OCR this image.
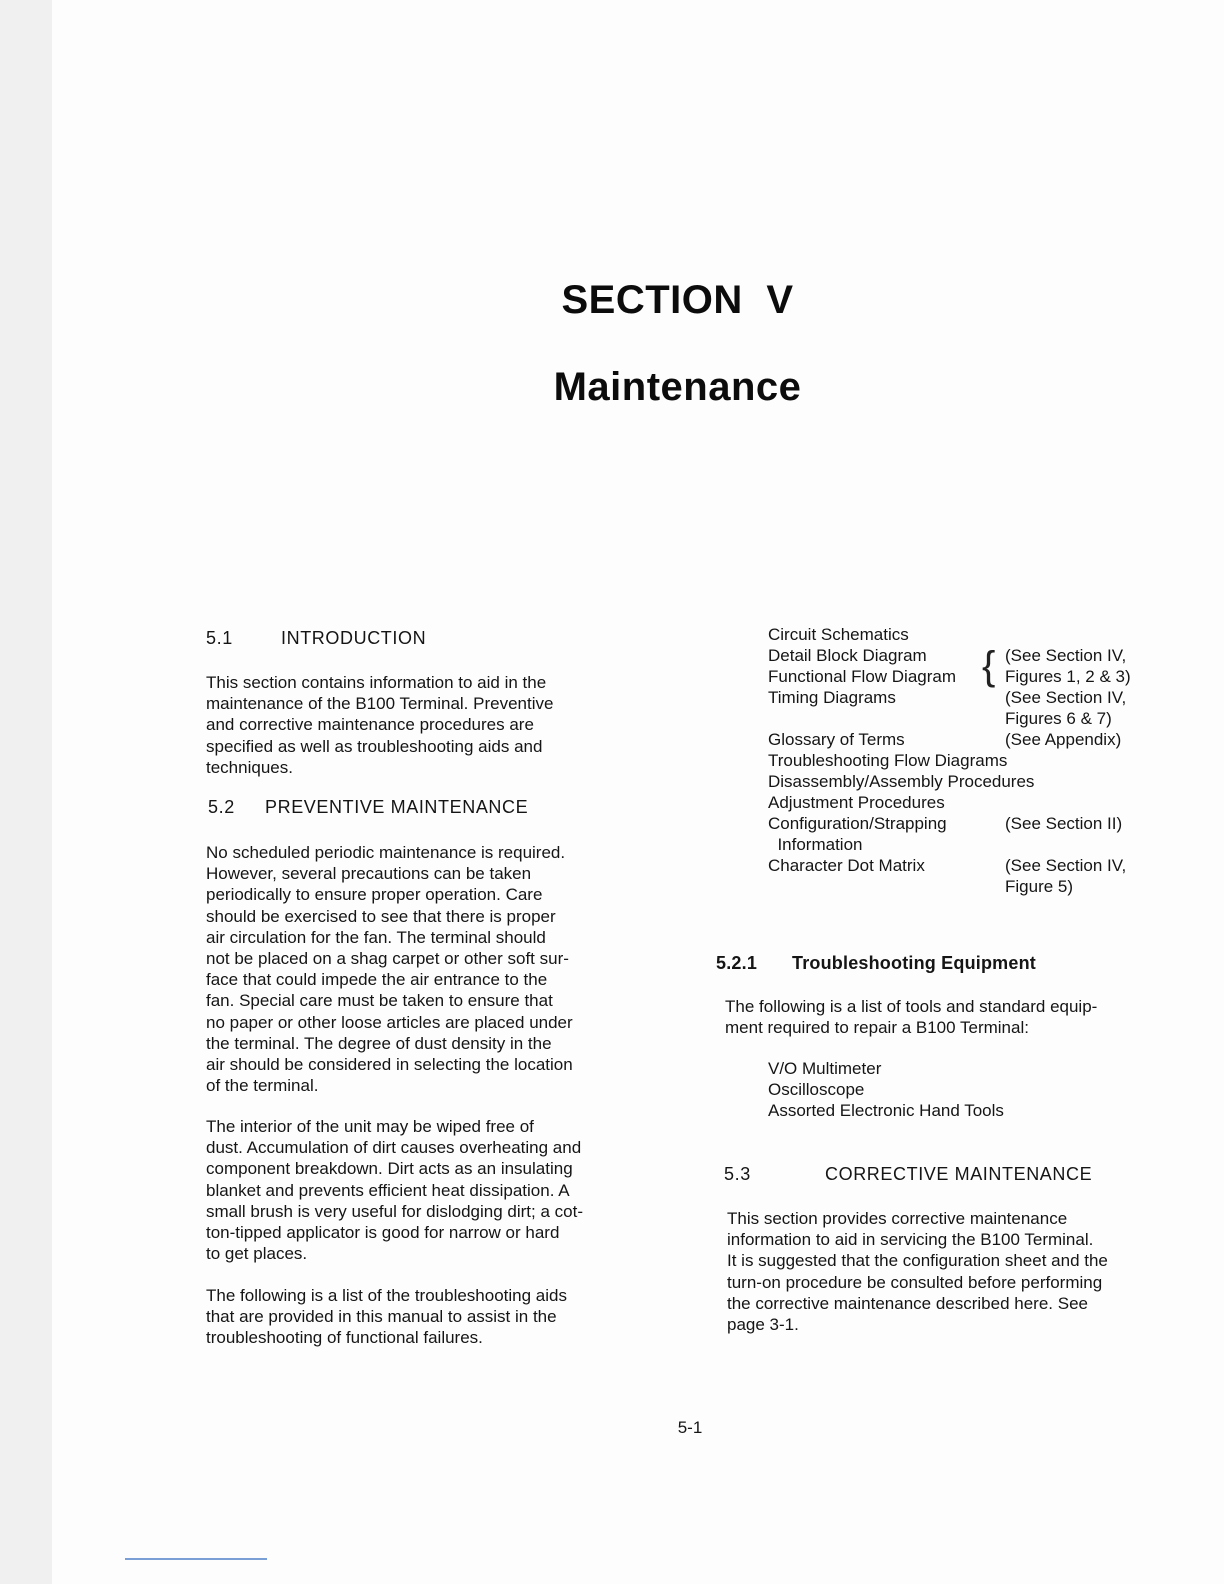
SECTION V
Maintenance
5.1	INTRODUCTION
This section contains information to aid in the
maintenance of the B100 Terminal. Preventive
and corrective maintenance procedures are
specified as well as troubleshooting aids and
techniques.
5.2 PREVENTIVE MAINTENANCE
No scheduled periodic maintenance is required.
However, several precautions can be taken
periodically to ensure proper operation. Care
should be exercised to see that there is proper
air circulation for the fan. The terminal should
not be placed on a shag carpet or other soft sur-
face that could impede the air entrance to the
fan. Special care must be taken to ensure that
no paper or other loose articles are placed under
the terminal. The degree of dust density in the
air should be considered in selecting the location
of the terminal.
The interior of the unit may be wiped free of
dust. Accumulation of dirt causes overheating and
component breakdown. Dirt acts as an insulating
blanket and prevents efficient heat dissipation. A
small brush is very useful for dislodging dirt; a cot-
ton-tipped applicator is good for narrow or hard
to get places.
The following is a list of the troubleshooting aids
that are provided in this manual to assist in the
troubleshooting of functional failures.
{
Circuit Schematics
Detail Block Diagram	(See Section IV,
Functional Flow Diagram	Figures 1, 2 & 3)
Timing Diagrams	(See Section IV,
Figures 6 & 7)
Glossary of Terms	(See Appendix)
Troubleshooting Flow Diagrams
Disassembly/Assembly Procedures
Adjustment Procedures
Configuration/Strapping	(See Section II)
Information
Character Dot Matrix	(See Section IV,
Figure 5)
5.2.1 Troubleshooting Equipment
The following is a list of tools and standard equip-
ment required to repair a B100 Terminal:
V/O Multimeter
Oscilloscope
Assorted Electronic Hand Tools
5.3	CORRECTIVE MAINTENANCE
This section provides corrective maintenance
information to aid in servicing the B100 Terminal.
It is suggested that the configuration sheet and the
turn-on procedure be consulted before performing
the corrective maintenance described here. See
page 3-1.
5-1
